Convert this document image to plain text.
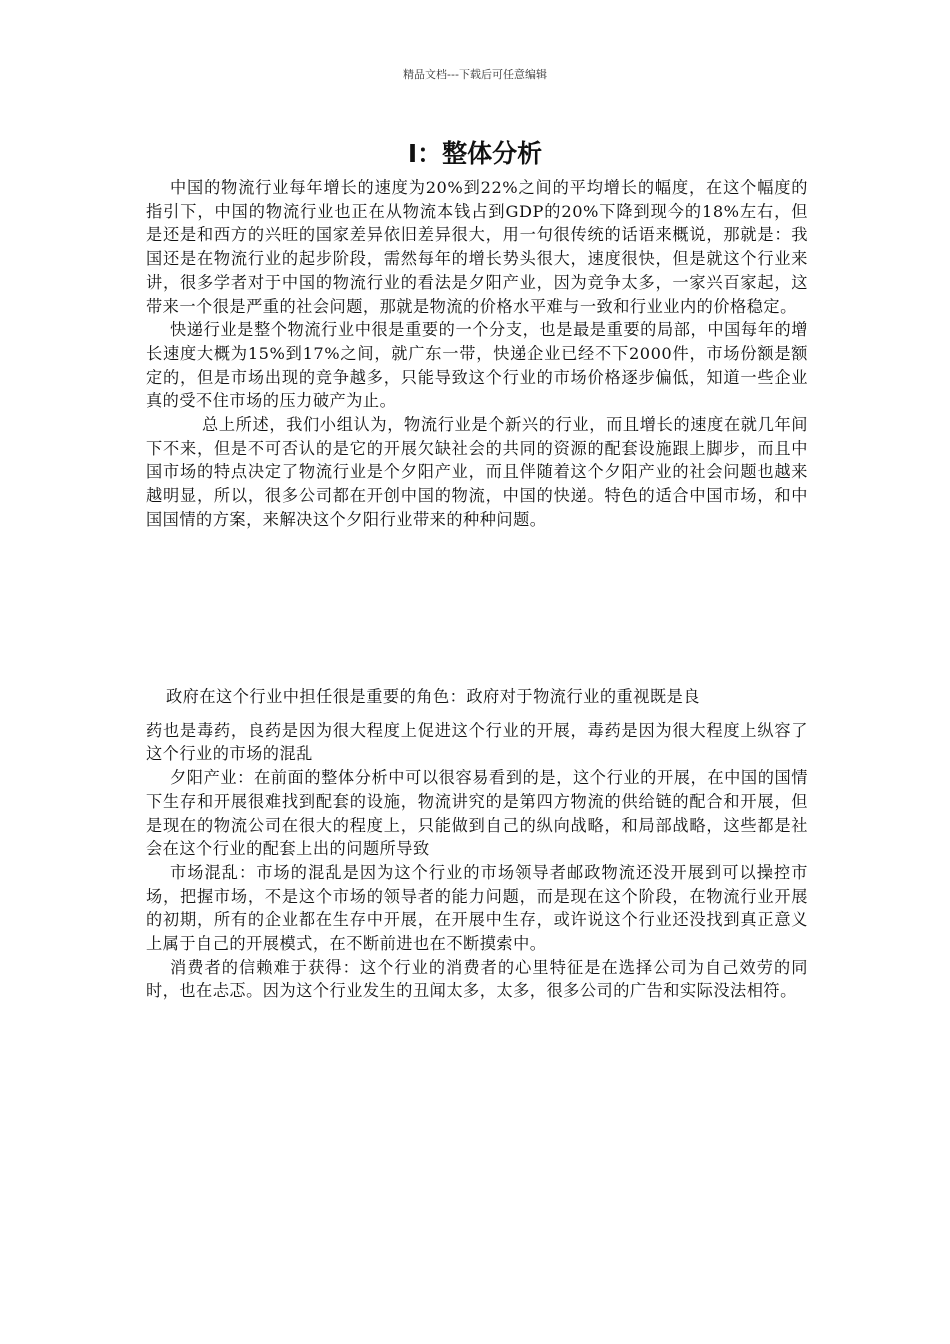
精品文档---下载后可任意编辑
I：整体分析

中国的物流行业每年增长的速度为20%到22%之间的平均增长的幅度，在这个幅度的指引下，中国的物流行业也正在从物流本钱占到GDP的20%下降到现今的18%左右，但是还是和西方的兴旺的国家差异依旧差异很大，用一句很传统的话语来概说，那就是：我国还是在物流行业的起步阶段，需然每年的增长势头很大，速度很快，但是就这个行业来讲，很多学者对于中国的物流行业的看法是夕阳产业，因为竞争太多，一家兴百家起，这带来一个很是严重的社会问题，那就是物流的价格水平难与一致和行业业内的价格稳定。

快递行业是整个物流行业中很是重要的一个分支，也是最是重要的局部，中国每年的增长速度大概为15%到17%之间，就广东一带，快递企业已经不下2000件，市场份额是额定的，但是市场出现的竞争越多，只能导致这个行业的市场价格逐步偏低，知道一些企业真的受不住市场的压力破产为止。

总上所述，我们小组认为，物流行业是个新兴的行业，而且增长的速度在就几年间下不来，但是不可否认的是它的开展欠缺社会的共同的资源的配套设施跟上脚步，而且中国市场的特点决定了物流行业是个夕阳产业，而且伴随着这个夕阳产业的社会问题也越来越明显，所以，很多公司都在开创中国的物流，中国的快递。特色的适合中国市场，和中国国情的方案，来解决这个夕阳行业带来的种种问题。

政府在这个行业中担任很是重要的角色：政府对于物流行业的重视既是良

药也是毒药，良药是因为很大程度上促进这个行业的开展，毒药是因为很大程度上纵容了这个行业的市场的混乱

夕阳产业：在前面的整体分析中可以很容易看到的是，这个行业的开展，在中国的国情下生存和开展很难找到配套的设施，物流讲究的是第四方物流的供给链的配合和开展，但是现在的物流公司在很大的程度上，只能做到自己的纵向战略，和局部战略，这些都是社会在这个行业的配套上出的问题所导致

市场混乱：市场的混乱是因为这个行业的市场领导者邮政物流还没开展到可以操控市场，把握市场，不是这个市场的领导者的能力问题，而是现在这个阶段，在物流行业开展的初期，所有的企业都在生存中开展，在开展中生存，或许说这个行业还没找到真正意义上属于自己的开展模式，在不断前进也在不断摸索中。

消费者的信赖难于获得：这个行业的消费者的心里特征是在选择公司为自己效劳的同时，也在忐忑。因为这个行业发生的丑闻太多，太多，很多公司的广告和实际没法相符。
